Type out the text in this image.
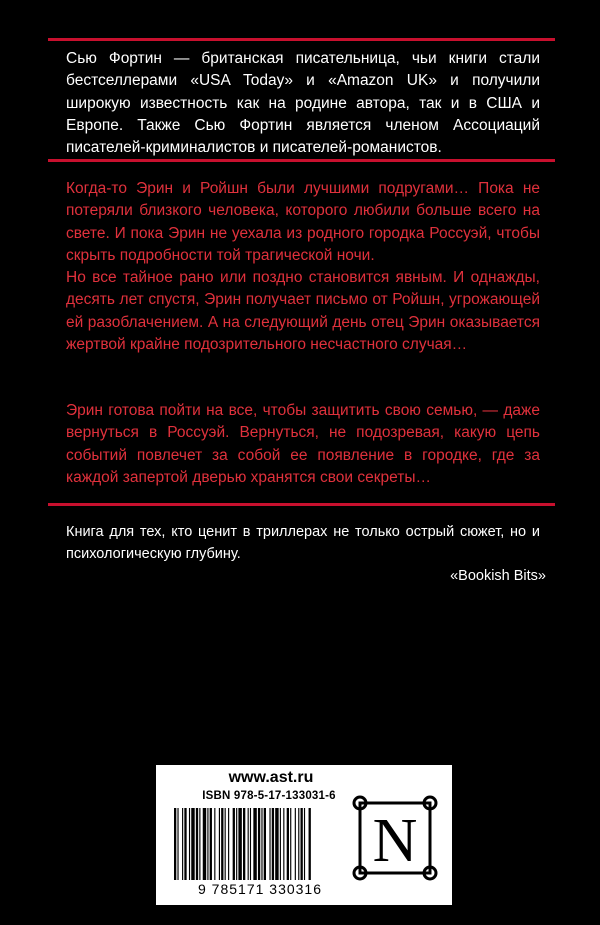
Сью Фортин — британская писательница, чьи книги стали бестселлерами «USA Today» и «Amazon UK» и получили широкую известность как на родине автора, так и в США и Европе. Также Сью Фортин является членом Ассоциаций писателей-криминалистов и писателей-романистов.

Когда-то Эрин и Ройшн были лучшими подругами… Пока не потеряли близкого человека, которого любили больше всего на свете. И пока Эрин не уехала из родного городка Россуэй, чтобы скрыть подробности той трагической ночи.

Но все тайное рано или поздно становится явным. И однажды, десять лет спустя, Эрин получает письмо от Ройшн, угрожающей ей разоблачением. А на следующий день отец Эрин оказывается жертвой крайне подозрительного несчастного случая…

Эрин готова пойти на все, чтобы защитить свою семью, — даже вернуться в Россуэй. Вернуться, не подозревая, какую цепь событий повлечет за собой ее появление в городке, где за каждой запертой дверью хранятся свои секреты…

Книга для тех, кто ценит в триллерах не только острый сюжет, но и психологическую глубину.

«Bookish Bits»
www.ast.ru
ISBN 978-5-17-133031-6
9 785171 330316
N
